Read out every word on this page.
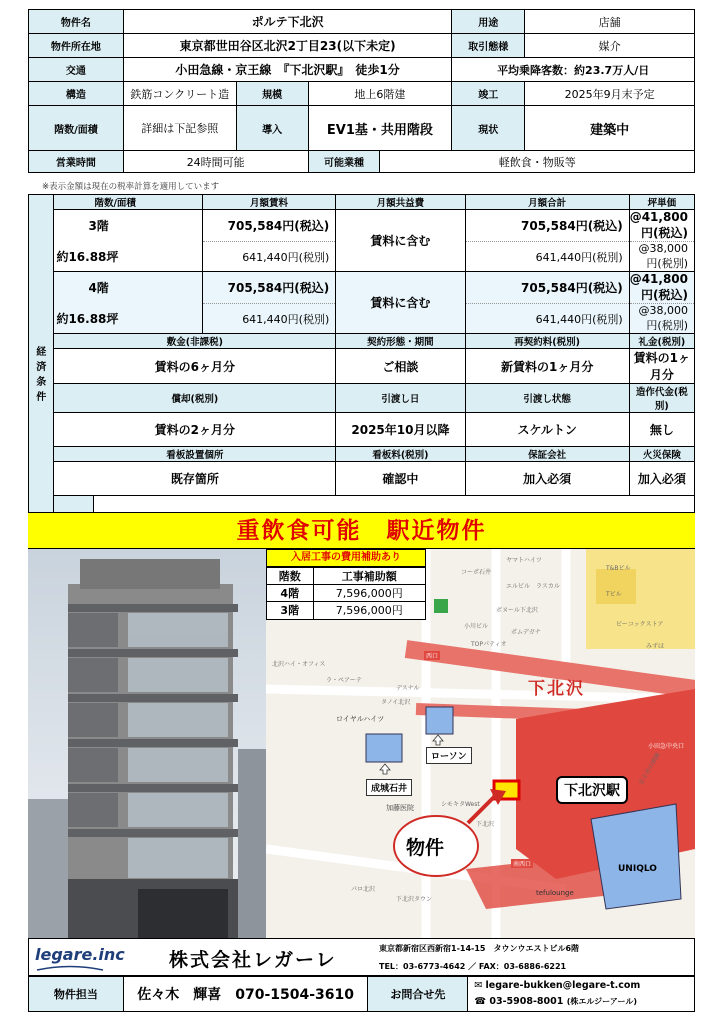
物件名	ポルテ下北沢				用途	店舗
物件所在地	東京都世田谷区北沢2丁目23(以下未定)				取引態様	媒介
交通	小田急線・京王線　『下北沢駅』　徒歩1分				平均乗降客数：約23.7万人/日	
構造	鉄筋コンクリート造	規模	地上6階建		竣工	2025年9月末予定
階数/面積	詳細は下記参照	導入	EV1基・共用階段		現状	建築中
営業時間	24時間可能		可能業種	軽飲食・物販等		
※表示金額は現在の税率計算を適用しています
経
済
条
件	階数/面積		月額賃料	月額共益費	月額合計	坪単価
	3階		705,584円(税込)	賃料に含む	705,584円(税込)	@41,800円(税込)
	約16.88坪		641,440円(税別)		641,440円(税別)	@38,000円(税別)
	4階		705,584円(税込)	賃料に含む	705,584円(税込)	@41,800円(税込)
	約16.88坪		641,440円(税別)		641,440円(税別)	@38,000円(税別)
	敷金(非課税)			契約形態・期間	再契約料(税別)	礼金(税別)
	賃料の6ヶ月分			ご相談	新賃料の1ヶ月分	賃料の1ヶ月分
	償却(税別)			引渡し日	引渡し状態	造作代金(税別)
	賃料の2ヶ月分			2025年10月以降	スケルトン	無し
	看板設置個所			看板料(税別)	保証会社	火災保険
	既存箇所			確認中	加入必須	加入必須

重飲食可能　駅近物件
ヤマトハイツ
コーポ石井
エルビル ラスカル
ボヌール下北沢
TOPパティオ
小川ビル
ポムデガナ
北沢ハイ・オフィス
ラ・ペアーテ
デスナル
タノイ北沢
ロイヤルハイツ
加藤医院	シモキタWest
下北沢
パロ北沢	tefulounge
下北沢タウン
T&Bビル
ビーコックストア
みずほ
西口
南西口
小田急中央口
京王井の頭線
Tビル
下北沢
下北沢駅
ローソン
成城石井
UNIQLO
物件
入居工事の費用補助あり
階数	工事補助額
4階	7,596,000円
3階	7,596,000円
legare.inc 株式会社レガーレ
東京都新宿区西新宿1-14-15　タウンウエストビル6階
TEL：03-6773-4642 ／ FAX：03-6886-6221
物件担当	佐々木　輝喜　070-1504-3610	お問合せ先	
✉ legare-bukken@legare-t.com
☎ 03-5908-8001 (株エルジーアール)
